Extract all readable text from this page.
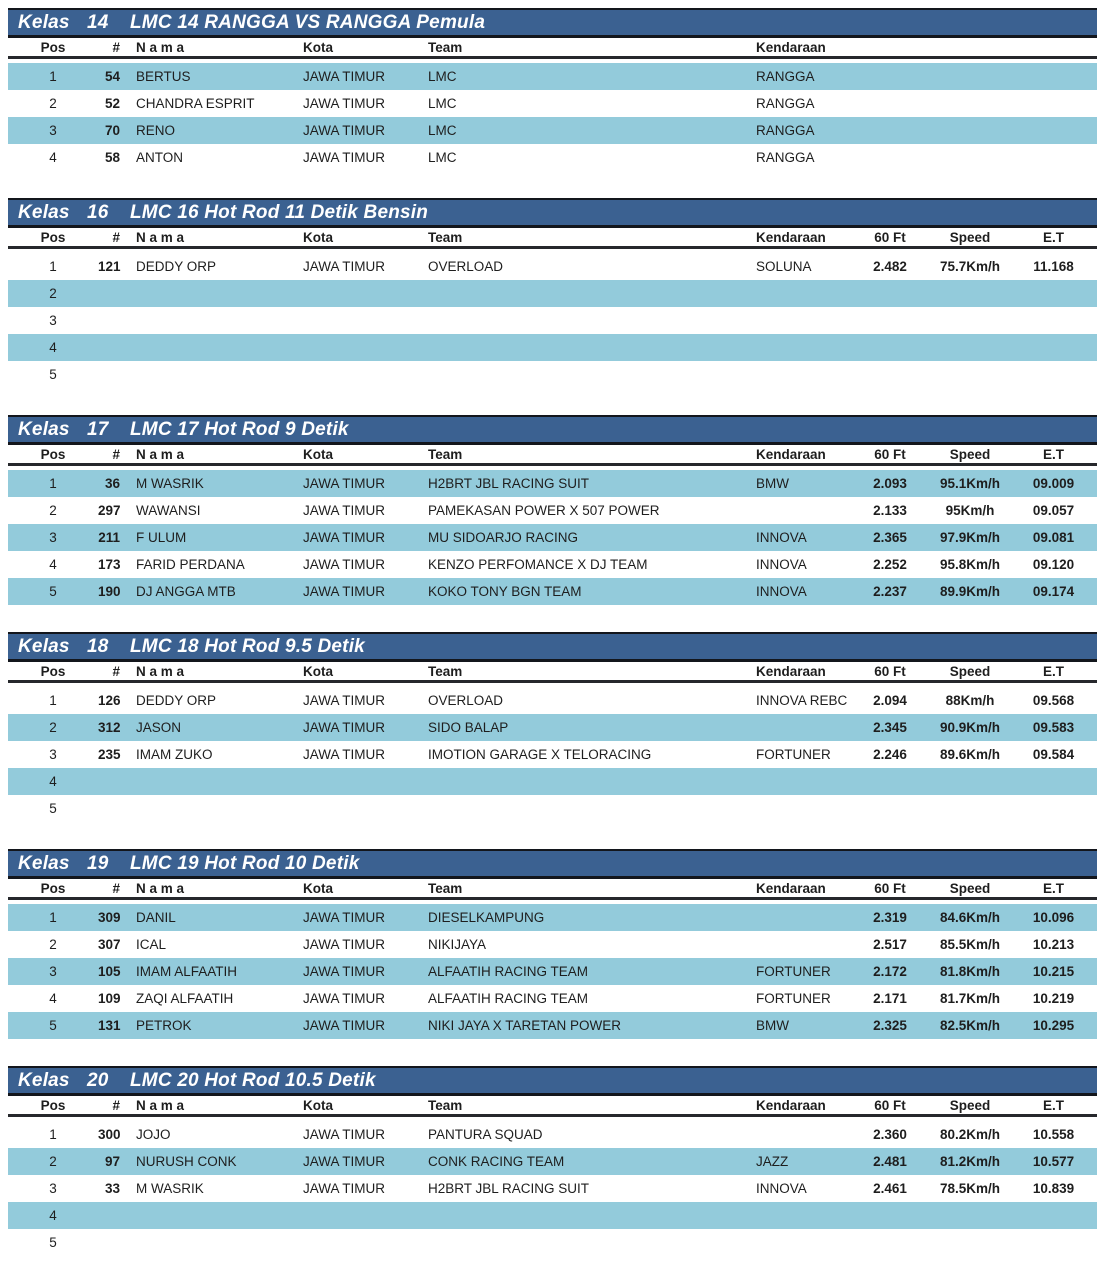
Kelas 14	LMC 14 RANGGA VS RANGGA Pemula
Pos	#	N a m a	Kota	Team	Kendaraan

1	54	BERTUS	JAWA TIMUR	LMC	RANGGA
2	52	CHANDRA ESPRIT	JAWA TIMUR	LMC	RANGGA
3	70	RENO	JAWA TIMUR	LMC	RANGGA
4	58	ANTON	JAWA TIMUR	LMC	RANGGA
Kelas 16	LMC 16 Hot Rod 11 Detik Bensin
Pos	#	N a m a	Kota	Team	Kendaraan	60 Ft	Speed	E.T

1	121	DEDDY ORP	JAWA TIMUR	OVERLOAD	SOLUNA	2.482	75.7Km/h	11.168
2								
3								
4								
5								
Kelas 17	LMC 17 Hot Rod 9 Detik
Pos	#	N a m a	Kota	Team	Kendaraan	60 Ft	Speed	E.T

1	36	M WASRIK	JAWA TIMUR	H2BRT JBL RACING SUIT	BMW	2.093	95.1Km/h	09.009
2	297	WAWANSI	JAWA TIMUR	PAMEKASAN POWER X 507 POWER		2.133	95Km/h	09.057
3	211	F ULUM	JAWA TIMUR	MU SIDOARJO RACING	INNOVA	2.365	97.9Km/h	09.081
4	173	FARID PERDANA	JAWA TIMUR	KENZO PERFOMANCE X DJ TEAM	INNOVA	2.252	95.8Km/h	09.120
5	190	DJ ANGGA MTB	JAWA TIMUR	KOKO TONY BGN TEAM	INNOVA	2.237	89.9Km/h	09.174
Kelas 18	LMC 18 Hot Rod 9.5 Detik
Pos	#	N a m a	Kota	Team	Kendaraan	60 Ft	Speed	E.T

1	126	DEDDY ORP	JAWA TIMUR	OVERLOAD	INNOVA REBC	2.094	88Km/h	09.568
2	312	JASON	JAWA TIMUR	SIDO BALAP		2.345	90.9Km/h	09.583
3	235	IMAM ZUKO	JAWA TIMUR	IMOTION GARAGE X TELORACING	FORTUNER	2.246	89.6Km/h	09.584
4								
5								
Kelas 19	LMC 19 Hot Rod 10 Detik
Pos	#	N a m a	Kota	Team	Kendaraan	60 Ft	Speed	E.T

1	309	DANIL	JAWA TIMUR	DIESELKAMPUNG		2.319	84.6Km/h	10.096
2	307	ICAL	JAWA TIMUR	NIKIJAYA		2.517	85.5Km/h	10.213
3	105	IMAM ALFAATIH	JAWA TIMUR	ALFAATIH RACING TEAM	FORTUNER	2.172	81.8Km/h	10.215
4	109	ZAQI ALFAATIH	JAWA TIMUR	ALFAATIH RACING TEAM	FORTUNER	2.171	81.7Km/h	10.219
5	131	PETROK	JAWA TIMUR	NIKI JAYA X TARETAN POWER	BMW	2.325	82.5Km/h	10.295
Kelas 20	LMC 20 Hot Rod 10.5 Detik
Pos	#	N a m a	Kota	Team	Kendaraan	60 Ft	Speed	E.T

1	300	JOJO	JAWA TIMUR	PANTURA SQUAD		2.360	80.2Km/h	10.558
2	97	NURUSH CONK	JAWA TIMUR	CONK RACING TEAM	JAZZ	2.481	81.2Km/h	10.577
3	33	M WASRIK	JAWA TIMUR	H2BRT JBL RACING SUIT	INNOVA	2.461	78.5Km/h	10.839
4								
5								
